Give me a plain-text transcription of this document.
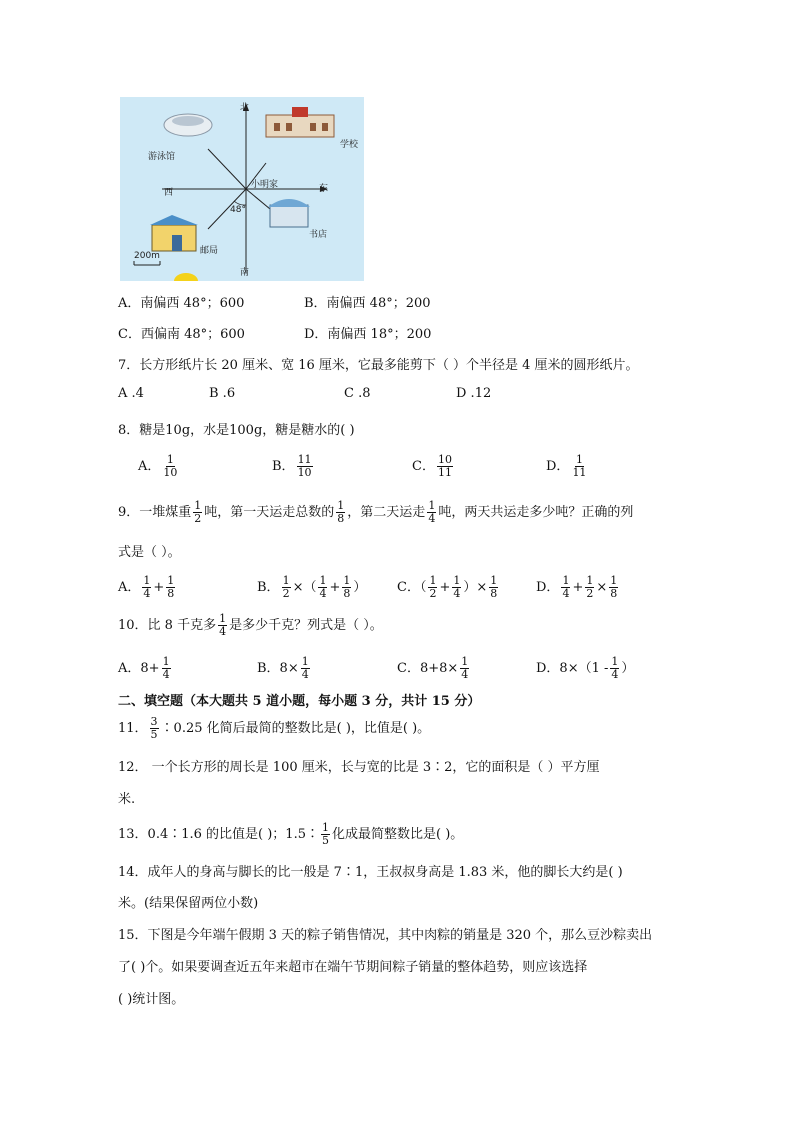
北
南
东
西
游泳馆
学校
小明家
邮局
书店
48°
200m
A．南偏西 48°；600	B．南偏西 48°；200
C．西偏南 48°；600	D．南偏西 18°；200
7．长方形纸片长 20 厘米、宽 16 厘米，它最多能剪下（ ）个半径是 4 厘米的圆形纸片。
A .4	B .6	C .8	D .12
8．糖是10g，水是100g，糖是糖水的( )
A． $\frac{1}{10}$	B． $\frac{11}{10}$	C． $\frac{10}{11}$	D． $\frac{1}{11}$
9．一堆煤重 $\frac{1}{2}$ 吨，第一天运走总数的 $\frac{1}{8}$ ，第二天运走 $\frac{1}{4}$ 吨，两天共运走多少吨？正确的列
式是（ ）。
A． $\frac{1}{4} + \frac{1}{8}$	B． $\frac{1}{2}$ ×（ $\frac{1}{4} + \frac{1}{8}$ ） C．（ $\frac{1}{2} + \frac{1}{4}$ ）× $\frac{1}{8}$	D． $\frac{1}{4} + \frac{1}{2} \times \frac{1}{8}$
10．比 8 千克多 $\frac{1}{4}$ 是多少千克？列式是（ ）。
A．$8+ \frac{1}{4}$	B．$8\times \frac{1}{4}$	C．$8+8\times \frac{1}{4}$	D．$8\times(1 - \frac{1}{4}$ ）
二、填空题（本大题共 5 道小题，每小题 3 分，共计 15 分）
11． $\frac{3}{5}$ ∶0.25 化简后最简的整数比是( )，比值是( )。
12． 一个长方形的周长是 100 厘米，长与宽的比是 3∶2，它的面积是（ ）平方厘
米.
13．0.4∶1.6 的比值是( )；1.5∶ $\frac{1}{5}$ 化成最简整数比是( )。
14．成年人的身高与脚长的比一般是 7∶1，王叔叔身高是 1.83 米，他的脚长大约是( )
米。(结果保留两位小数)
15．下图是今年端午假期 3 天的粽子销售情况，其中肉粽的销量是 320 个，那么豆沙粽卖出
了( )个。如果要调查近五年来超市在端午节期间粽子销量的整体趋势，则应该选择
( )统计图。
